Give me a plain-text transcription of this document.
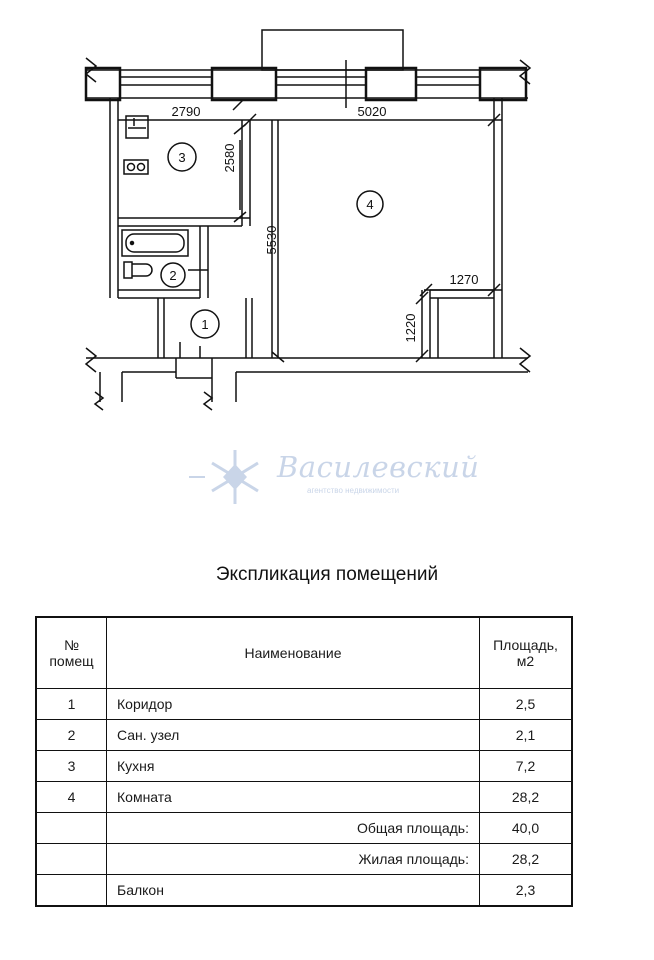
3
4
2
1
2790	5020
1270
2580
5530
1220
Василевский
агентство недвижимости
Экспликация помещений
№ помещ	Наименование	Площадь, м2
1	Коридор	2,5
2	Сан. узел	2,1
3	Кухня	7,2
4	Комната	28,2
	Общая площадь:	40,0
	Жилая площадь:	28,2
	Балкон	2,3
